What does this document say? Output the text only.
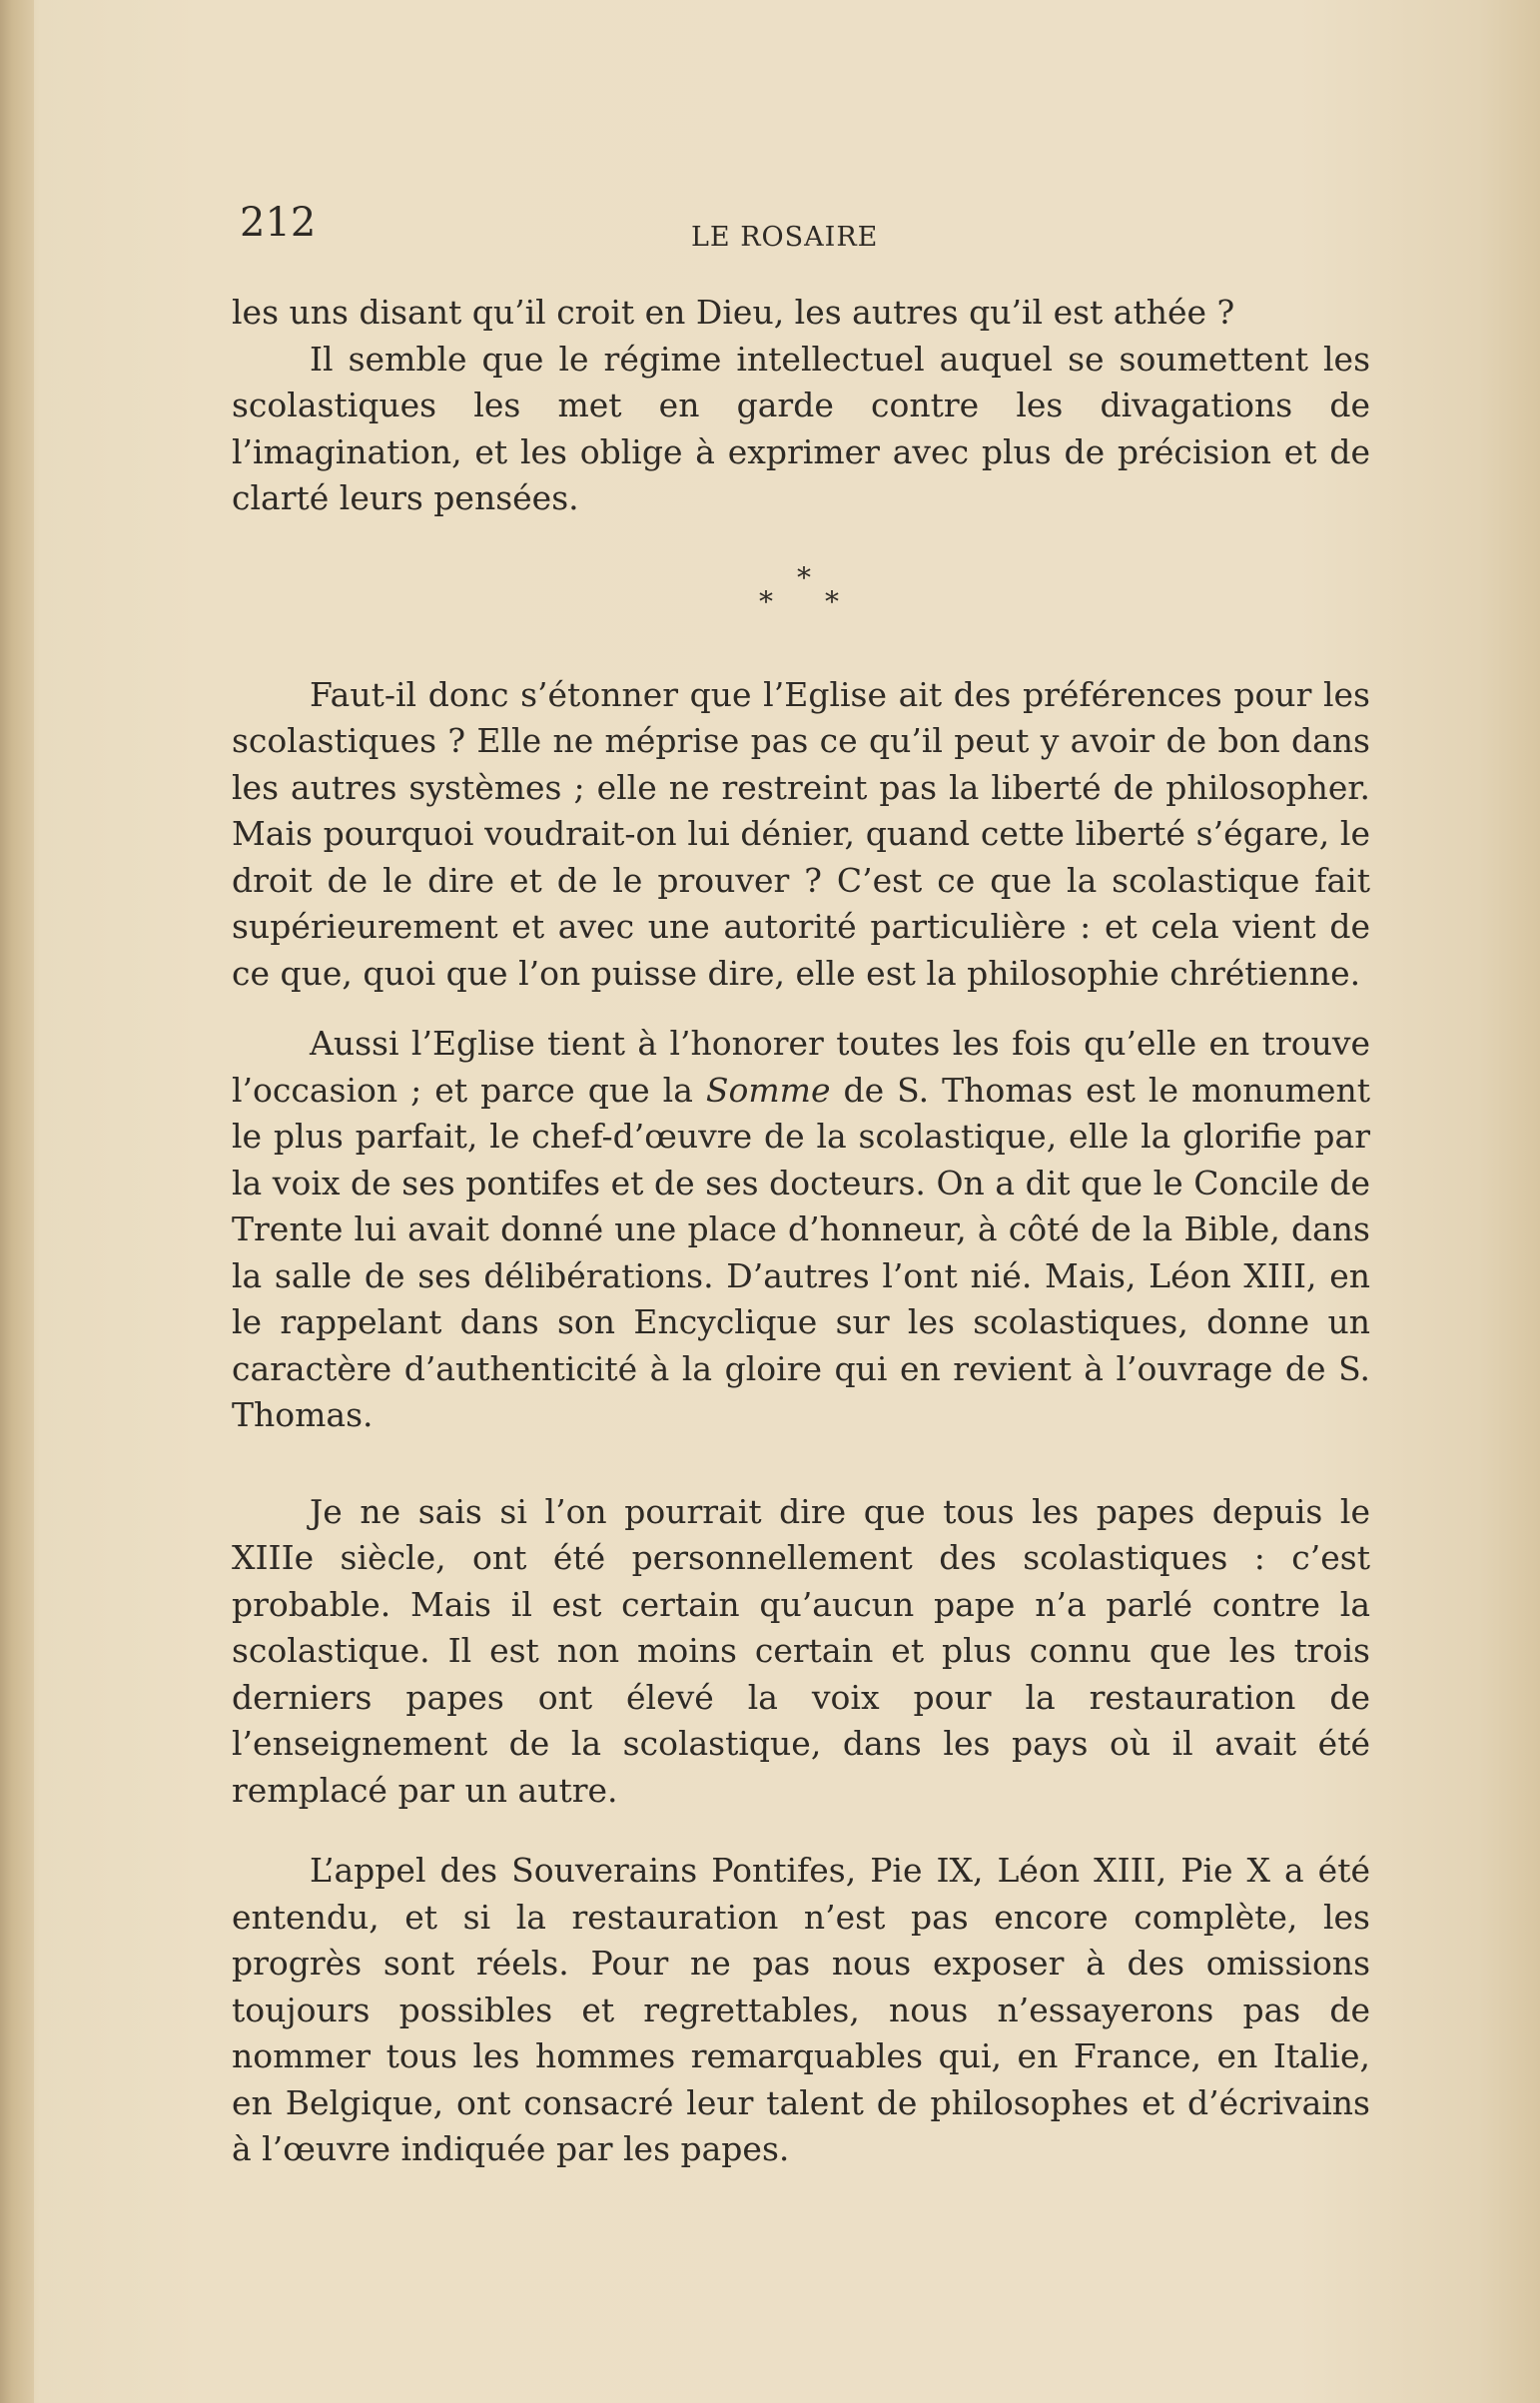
212	LE ROSAIRE

les uns disant qu’il croit en Dieu, les autres qu’il est athée ?

Il semble que le régime intellectuel auquel se soumettent les scolastiques les met en garde contre les divagations de l’imagination, et les oblige à exprimer avec plus de précision et de clarté leurs pensées.

*
* *

Faut-il donc s’étonner que l’Eglise ait des préférences pour les scolastiques ? Elle ne méprise pas ce qu’il peut y avoir de bon dans les autres systèmes ; elle ne restreint pas la liberté de philosopher. Mais pourquoi voudrait-on lui dénier, quand cette liberté s’égare, le droit de le dire et de le prouver ? C’est ce que la scolastique fait supérieurement et avec une autorité particulière : et cela vient de ce que, quoi que l’on puisse dire, elle est la philosophie chrétienne.

Aussi l’Eglise tient à l’honorer toutes les fois qu’elle en trouve l’occasion ; et parce que la Somme de S. Thomas est le monument le plus parfait, le chef-d’œuvre de la scolastique, elle la glorifie par la voix de ses pontifes et de ses docteurs. On a dit que le Concile de Trente lui avait donné une place d’honneur, à côté de la Bible, dans la salle de ses délibérations. D’autres l’ont nié. Mais, Léon XIII, en le rappelant dans son Encyclique sur les scolastiques, donne un caractère d’authenticité à la gloire qui en revient à l’ouvrage de S. Thomas.

Je ne sais si l’on pourrait dire que tous les papes depuis le XIIIe siècle, ont été personnellement des scolastiques : c’est probable. Mais il est certain qu’aucun pape n’a parlé contre la scolastique. Il est non moins certain et plus connu que les trois derniers papes ont élevé la voix pour la restauration de l’enseignement de la scolastique, dans les pays où il avait été remplacé par un autre.

L’appel des Souverains Pontifes, Pie IX, Léon XIII, Pie X a été entendu, et si la restauration n’est pas encore complète, les progrès sont réels. Pour ne pas nous exposer à des omissions toujours possibles et regrettables, nous n’essayerons pas de nommer tous les hommes remarquables qui, en France, en Italie, en Belgique, ont consacré leur talent de philosophes et d’écrivains à l’œuvre indiquée par les papes.
